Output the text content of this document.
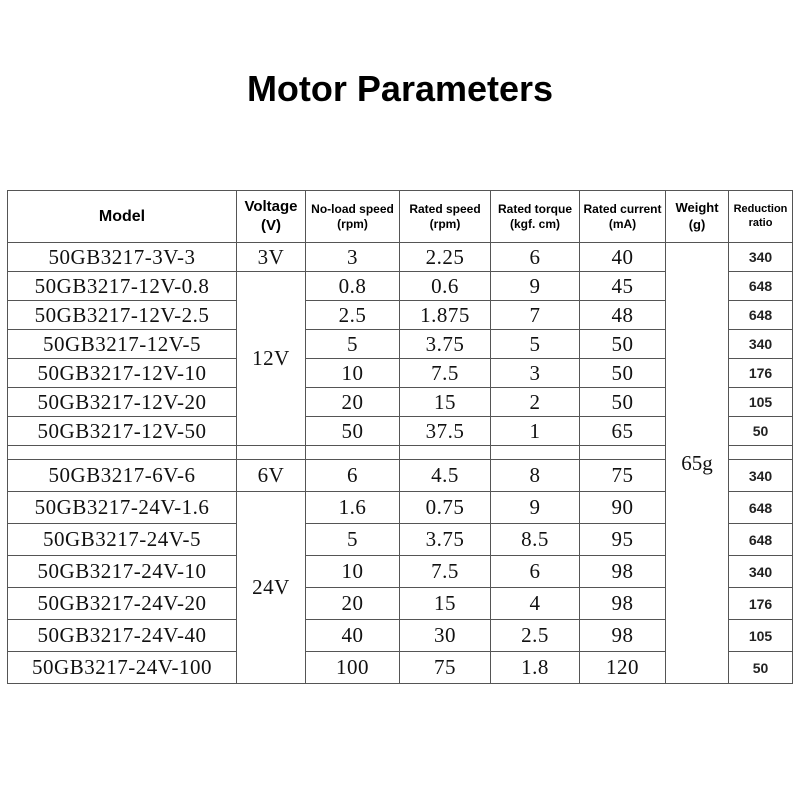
Motor Parameters
Model	Voltage (V)	No-load speed (rpm)	Rated speed (rpm)	Rated torque (kgf. cm)	Rated current (mA)	Weight (g)	Reduction ratio
50GB3217-3V-3	3V	3	2.25	6	40	65g	340
50GB3217-12V-0.8	12V	0.8	0.6	9	45		648
50GB3217-12V-2.5		2.5	1.875	7	48		648
50GB3217-12V-5		5	3.75	5	50		340
50GB3217-12V-10		10	7.5	3	50		176
50GB3217-12V-20		20	15	2	50		105
50GB3217-12V-50		50	37.5	1	65		50

50GB3217-6V-6	6V	6	4.5	8	75		340
50GB3217-24V-1.6	24V	1.6	0.75	9	90		648
50GB3217-24V-5		5	3.75	8.5	95		648
50GB3217-24V-10		10	7.5	6	98		340
50GB3217-24V-20		20	15	4	98		176
50GB3217-24V-40		40	30	2.5	98		105
50GB3217-24V-100		100	75	1.8	120		50
